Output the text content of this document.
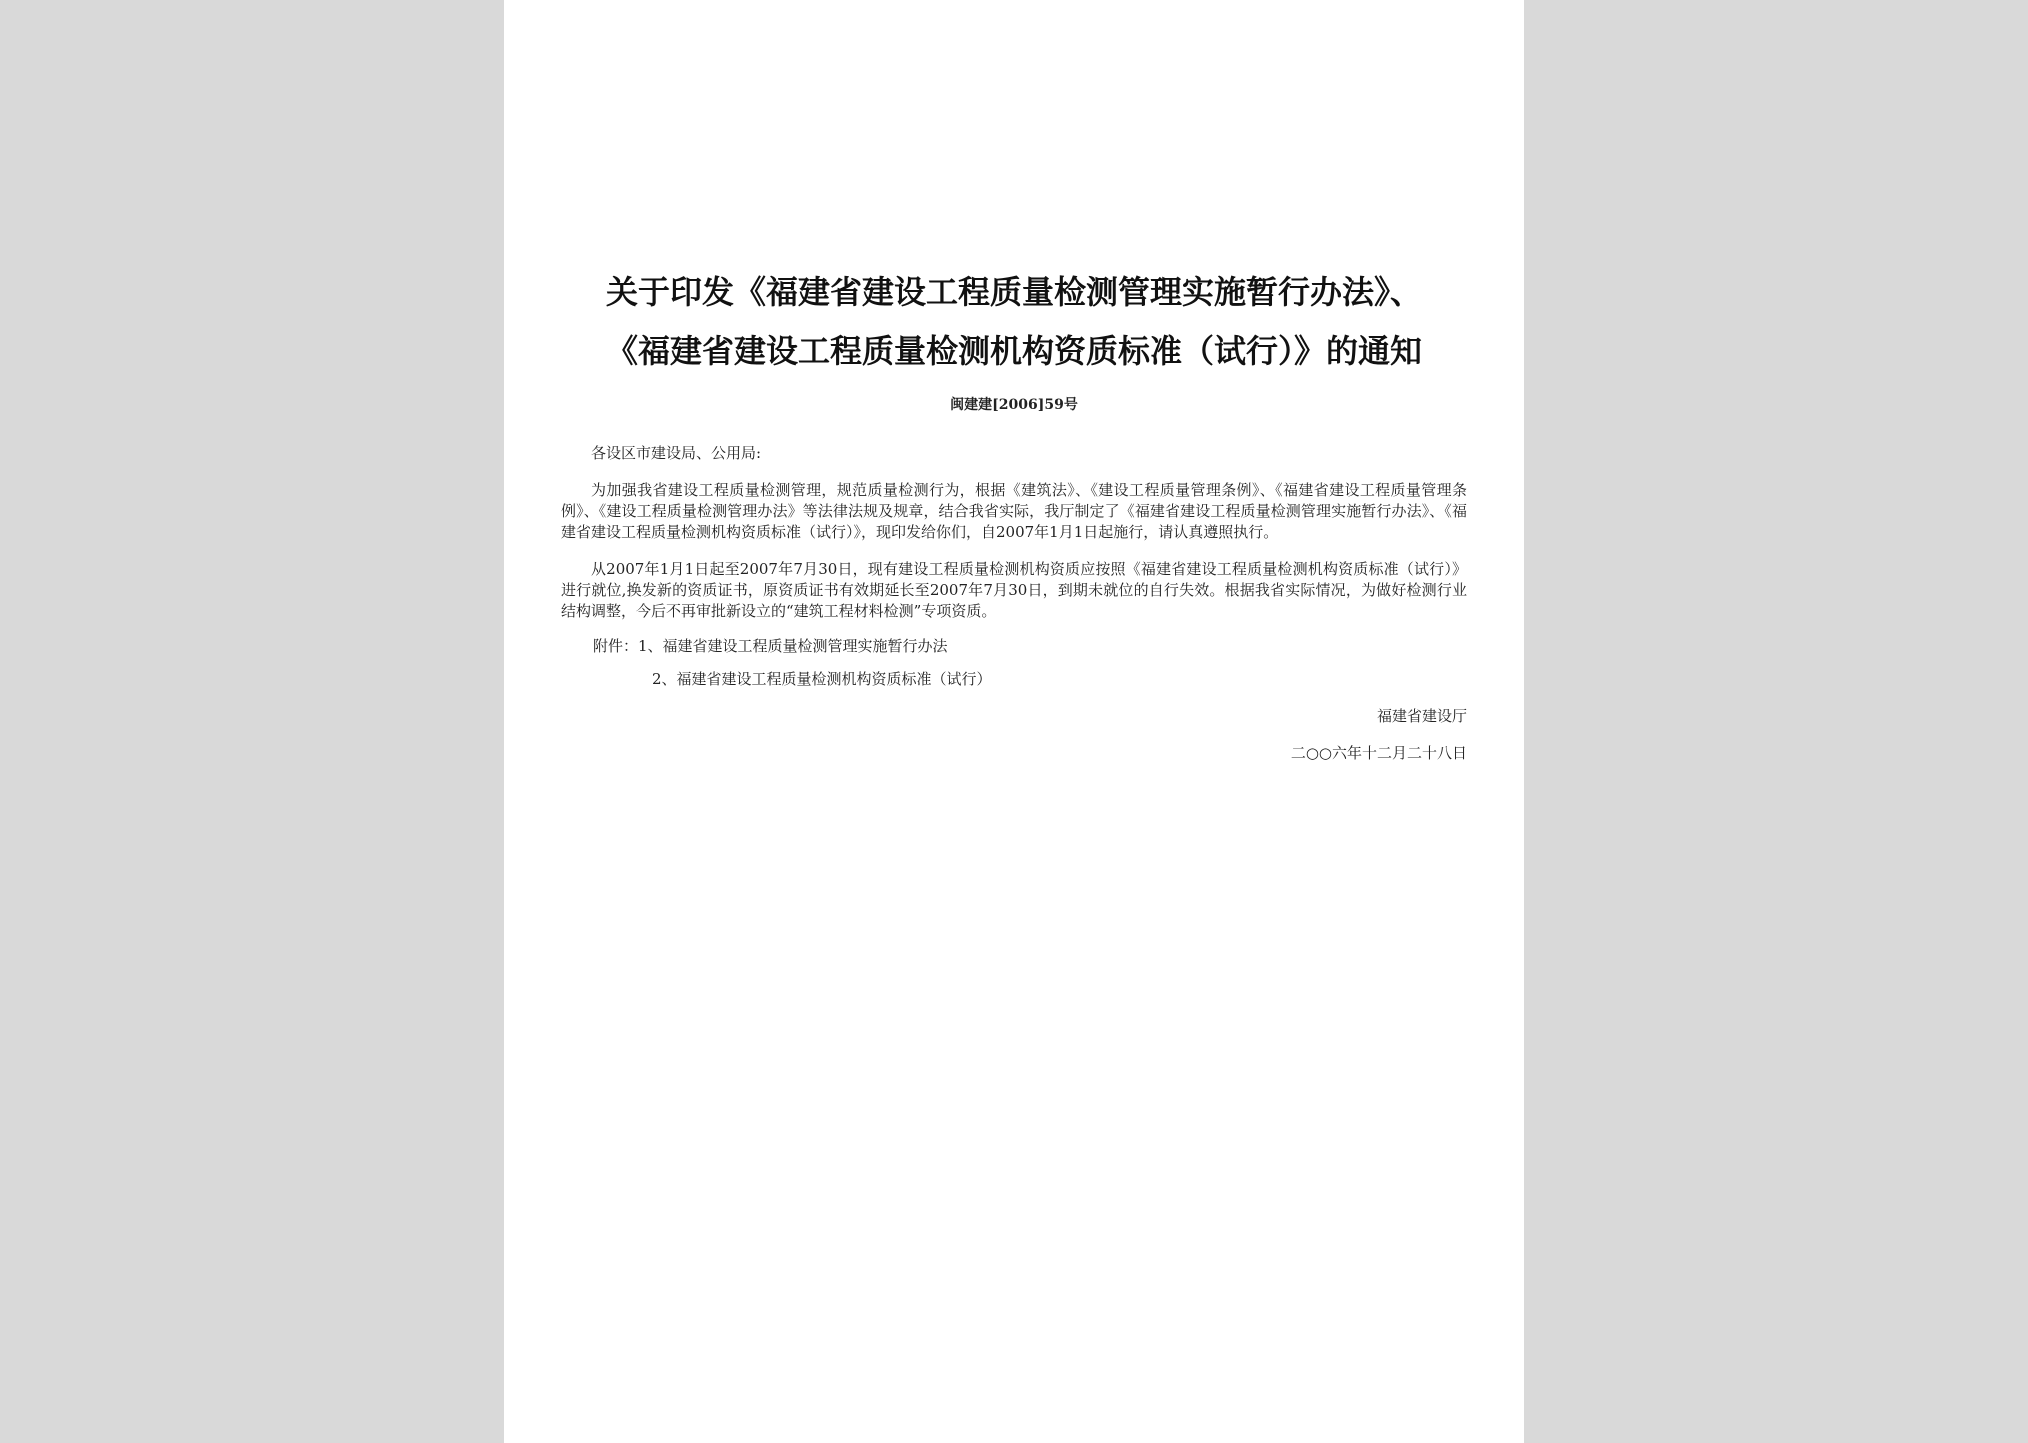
关于印发《福建省建设工程质量检测管理实施暂行办法》、《福建省建设工程质量检测机构资质标准（试行）》的通知

闽建建[2006]59号

各设区市建设局、公用局:

为加强我省建设工程质量检测管理，规范质量检测行为，根据《建筑法》、《建设工程质量管理条例》、《福建省建设工程质量管理条例》、《建设工程质量检测管理办法》等法律法规及规章，结合我省实际，我厅制定了《福建省建设工程质量检测管理实施暂行办法》、《福建省建设工程质量检测机构资质标准（试行）》，现印发给你们，自2007年1月1日起施行，请认真遵照执行。

从2007年1月1日起至2007年7月30日，现有建设工程质量检测机构资质应按照《福建省建设工程质量检测机构资质标准（试行）》进行就位,换发新的资质证书，原资质证书有效期延长至2007年7月30日，到期未就位的自行失效。根据我省实际情况，为做好检测行业结构调整，今后不再审批新设立的“建筑工程材料检测”专项资质。

附件：1、福建省建设工程质量检测管理实施暂行办法

2、福建省建设工程质量检测机构资质标准（试行）

福建省建设厅

二○○六年十二月二十八日
